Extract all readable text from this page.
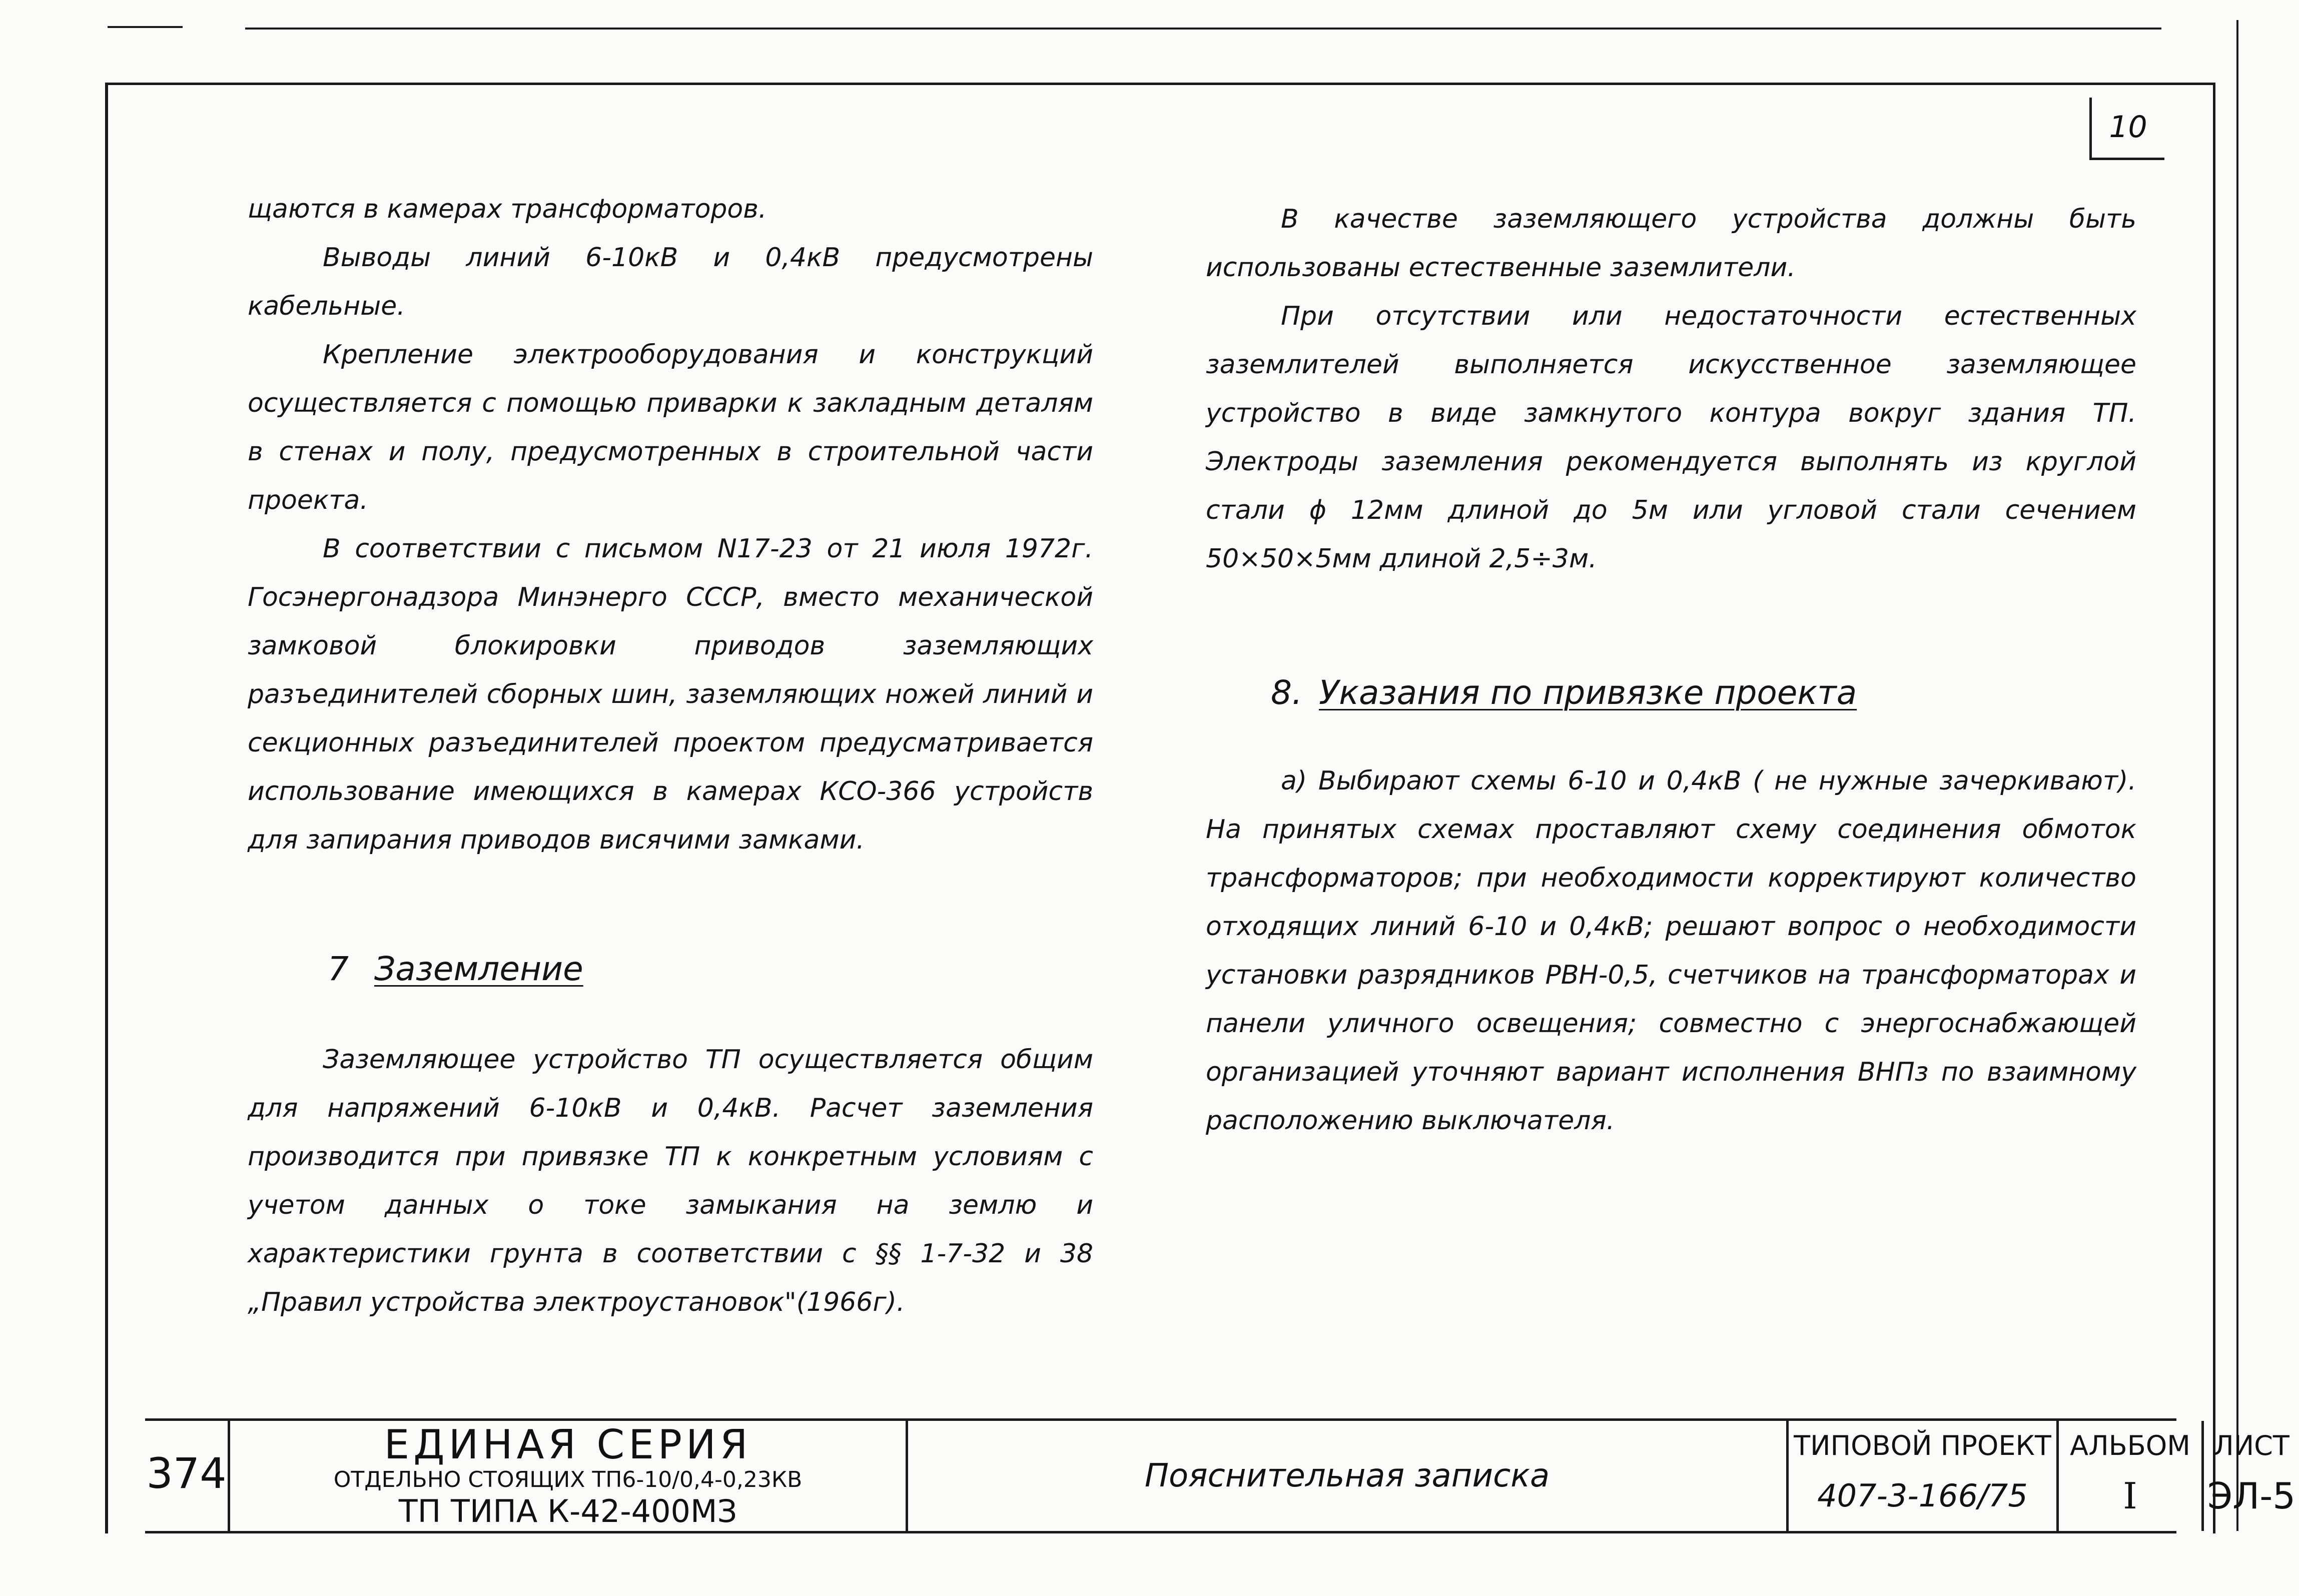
10

щаются в камерах трансформаторов.

Выводы линий 6-10кВ и 0,4кВ предусмотрены кабельные.

Крепление электрооборудования и конструкций осуществляется с помощью приварки к закладным деталям в стенах и полу, предусмотренных в строительной части проекта.

В соответствии с письмом N17-23 от 21 июля 1972г. Госэнергонадзора Минэнерго СССР, вместо механической замковой блокировки приводов заземляющих разъединителей сборных шин, заземляющих ножей линий и секционных разъединителей проектом предусматривается использование имеющихся в камерах КСО-366 устройств для запирания приводов висячими замками.

7 Заземление

Заземляющее устройство ТП осуществляется общим для напряжений 6-10кВ и 0,4кВ. Расчет заземления производится при привязке ТП к конкретным условиям с учетом данных о токе замыкания на землю и характеристики грунта в соответствии с §§ 1-7-32 и 38 „Правил устройства электроустановок"(1966г).

В качестве заземляющего устройства должны быть использованы естественные заземлители.

При отсутствии или недостаточности естественных заземлителей выполняется искусственное заземляющее устройство в виде замкнутого контура вокруг здания ТП. Электроды заземления рекомендуется выполнять из круглой стали ϕ 12мм длиной до 5м или угловой стали сечением 50×50×5мм длиной 2,5÷3м.

8. Указания по привязке проекта

а) Выбирают схемы 6-10 и 0,4кВ ( не нужные зачеркивают). На принятых схемах проставляют схему соединения обмоток трансформаторов; при необходимости корректируют количество отходящих линий 6-10 и 0,4кВ; решают вопрос о необходимости установки разрядников РВН-0,5, счетчиков на трансформаторах и панели уличного освещения; совместно с энергоснабжающей организацией уточняют вариант исполнения ВНПз по взаимному расположению выключателя.

374
ЕДИНАЯ СЕРИЯ
ОТДЕЛЬНО СТОЯЩИХ ТП6-10/0,4-0,23КВ
ТП ТИПА К-42-400МЗ
Пояснительная записка
ТИПОВОЙ ПРОЕКТ
407-3-166/75
АЛЬБОМ
I
ЛИСТ
ЭЛ-5
